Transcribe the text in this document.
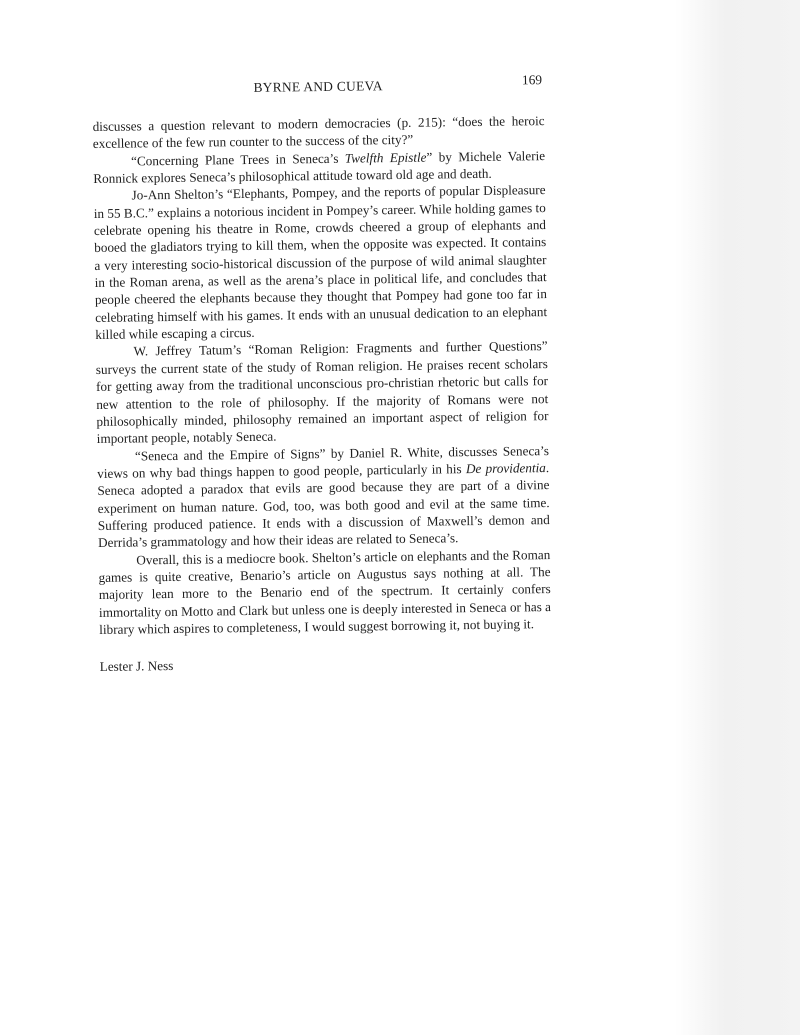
BYRNE AND CUEVA	169

discusses a question relevant to modern democracies (p. 215): “does the heroic excellence of the few run counter to the success of the city?”

“Concerning Plane Trees in Seneca’s Twelfth Epistle” by Michele Valerie Ronnick explores Seneca’s philosophical attitude toward old age and death.

Jo-Ann Shelton’s “Elephants, Pompey, and the reports of popular Displeasure in 55 B.C.” explains a notorious incident in Pompey’s career. While holding games to celebrate opening his theatre in Rome, crowds cheered a group of elephants and booed the gladiators trying to kill them, when the opposite was expected. It contains a very interesting socio-historical discussion of the purpose of wild animal slaughter in the Roman arena, as well as the arena’s place in political life, and concludes that people cheered the elephants because they thought that Pompey had gone too far in celebrating himself with his games. It ends with an unusual dedication to an elephant killed while escaping a circus.

W. Jeffrey Tatum’s “Roman Religion: Fragments and further Questions” surveys the current state of the study of Roman religion. He praises recent scholars for getting away from the traditional unconscious pro-christian rhetoric but calls for new attention to the role of philosophy. If the majority of Romans were not philosophically minded, philosophy remained an important aspect of religion for important people, notably Seneca.

“Seneca and the Empire of Signs” by Daniel R. White, discusses Seneca’s views on why bad things happen to good people, particularly in his De providentia. Seneca adopted a paradox that evils are good because they are part of a divine experiment on human nature. God, too, was both good and evil at the same time. Suffering produced patience. It ends with a discussion of Maxwell’s demon and Derrida’s grammatology and how their ideas are related to Seneca’s.

Overall, this is a mediocre book. Shelton’s article on elephants and the Roman games is quite creative, Benario’s article on Augustus says nothing at all. The majority lean more to the Benario end of the spectrum. It certainly confers immortality on Motto and Clark but unless one is deeply interested in Seneca or has a library which aspires to completeness, I would suggest borrowing it, not buying it.

Lester J. Ness
